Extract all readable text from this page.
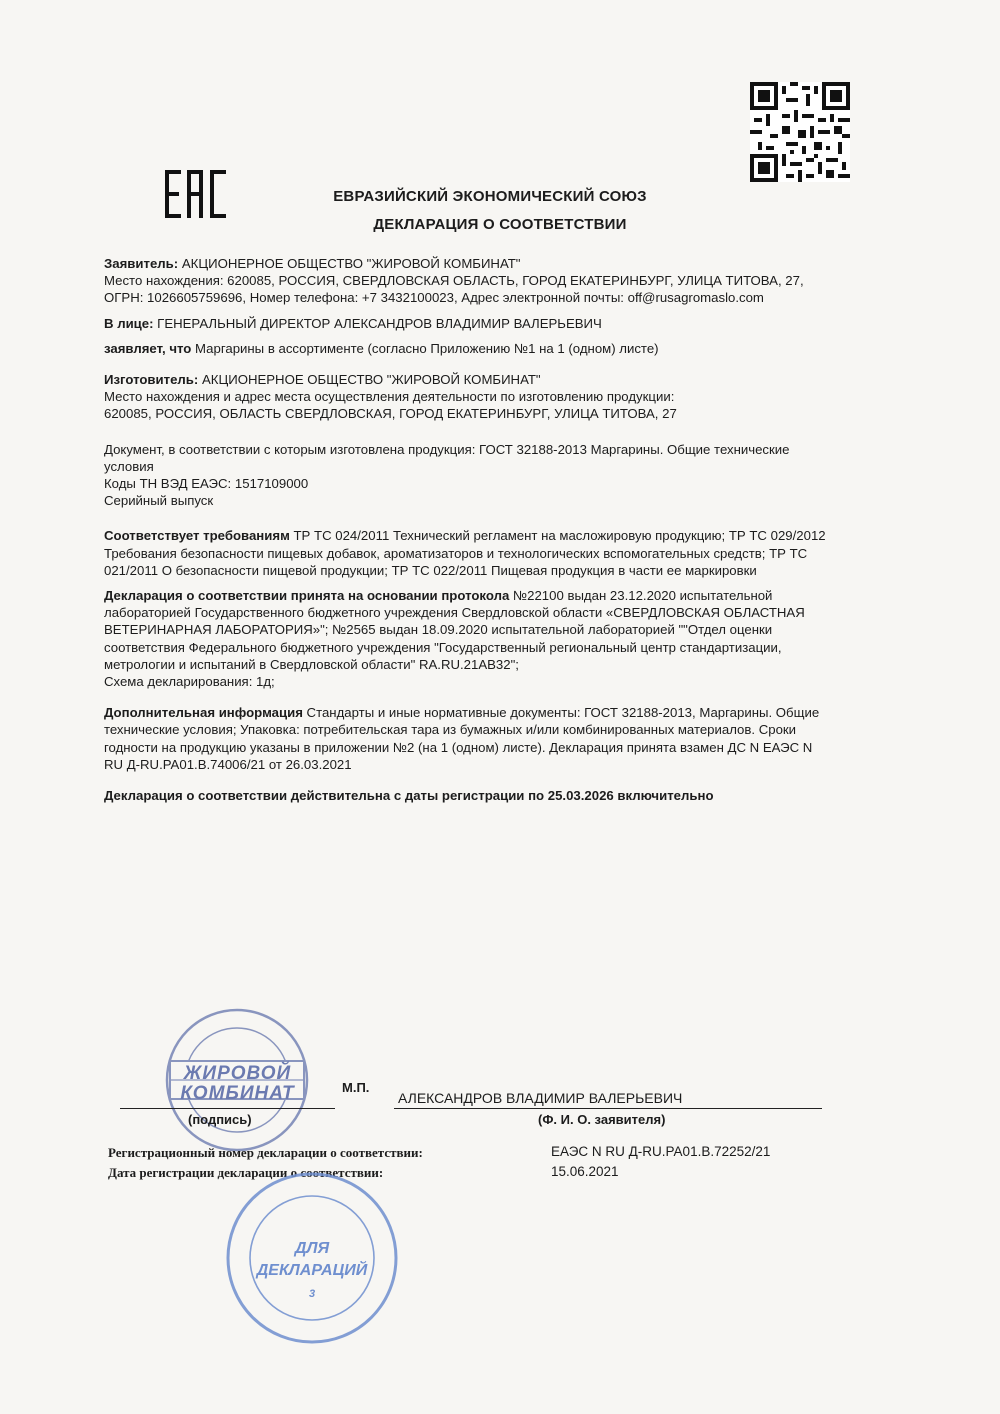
ЕВРАЗИЙСКИЙ ЭКОНОМИЧЕСКИЙ СОЮЗ
ДЕКЛАРАЦИЯ О СООТВЕТСТВИИ

Заявитель: АКЦИОНЕРНОЕ ОБЩЕСТВО "ЖИРОВОЙ КОМБИНАТ"

Место нахождения: 620085, РОССИЯ, СВЕРДЛОВСКАЯ ОБЛАСТЬ, ГОРОД ЕКАТЕРИНБУРГ, УЛИЦА ТИТОВА, 27,

ОГРН: 1026605759696, Номер телефона: +7 3432100023, Адрес электронной почты: off@rusagromaslo.com

В лице: ГЕНЕРАЛЬНЫЙ ДИРЕКТОР АЛЕКСАНДРОВ ВЛАДИМИР ВАЛЕРЬЕВИЧ

заявляет, что Маргарины в ассортименте (согласно Приложению №1 на 1 (одном) листе)

Изготовитель: АКЦИОНЕРНОЕ ОБЩЕСТВО "ЖИРОВОЙ КОМБИНАТ"

Место нахождения и адрес места осуществления деятельности по изготовлению продукции:

620085, РОССИЯ, ОБЛАСТЬ СВЕРДЛОВСКАЯ, ГОРОД ЕКАТЕРИНБУРГ, УЛИЦА ТИТОВА, 27

Документ, в соответствии с которым изготовлена продукция: ГОСТ 32188-2013 Маргарины. Общие технические условия

Коды ТН ВЭД ЕАЭС: 1517109000

Серийный выпуск

Соответствует требованиям ТР ТС 024/2011 Технический регламент на масложировую продукцию; ТР ТС 029/2012 Требования безопасности пищевых добавок, ароматизаторов и технологических вспомогательных средств; ТР ТС 021/2011 О безопасности пищевой продукции; ТР ТС 022/2011 Пищевая продукция в части ее маркировки

Декларация о соответствии принята на основании протокола №22100 выдан 23.12.2020 испытательной лабораторией Государственного бюджетного учреждения Свердловской области «СВЕРДЛОВСКАЯ ОБЛАСТНАЯ ВЕТЕРИНАРНАЯ ЛАБОРАТОРИЯ»"; №2565 выдан 18.09.2020 испытательной лабораторией ""Отдел оценки соответствия Федерального бюджетного учреждения "Государственный региональный центр стандартизации, метрологии и испытаний в Свердловской области" RA.RU.21АВ32";

Схема декларирования: 1д;

Дополнительная информация Стандарты и иные нормативные документы: ГОСТ 32188-2013, Маргарины. Общие технические условия; Упаковка: потребительская тара из бумажных и/или комбинированных материалов. Сроки годности на продукцию указаны в приложении №2 (на 1 (одном) листе). Декларация принята взамен ДС N ЕАЭС N RU Д-RU.PA01.B.74006/21 от 26.03.2021

Декларация о соответствии действительна с даты регистрации по 25.03.2026 включительно

ЖИРОВОЙ
КОМБИНАТ	М.П.
АЛЕКСАНДРОВ ВЛАДИМИР ВАЛЕРЬЕВИЧ
(подпись)	(Ф. И. О. заявителя)
Регистрационный номер декларации о соответствии:	ЕАЭС N RU Д-RU.PA01.B.72252/21
Дата регистрации декларации о соответствии:	15.06.2021
ДЛЯ
ДЕКЛАРАЦИЙ
3
